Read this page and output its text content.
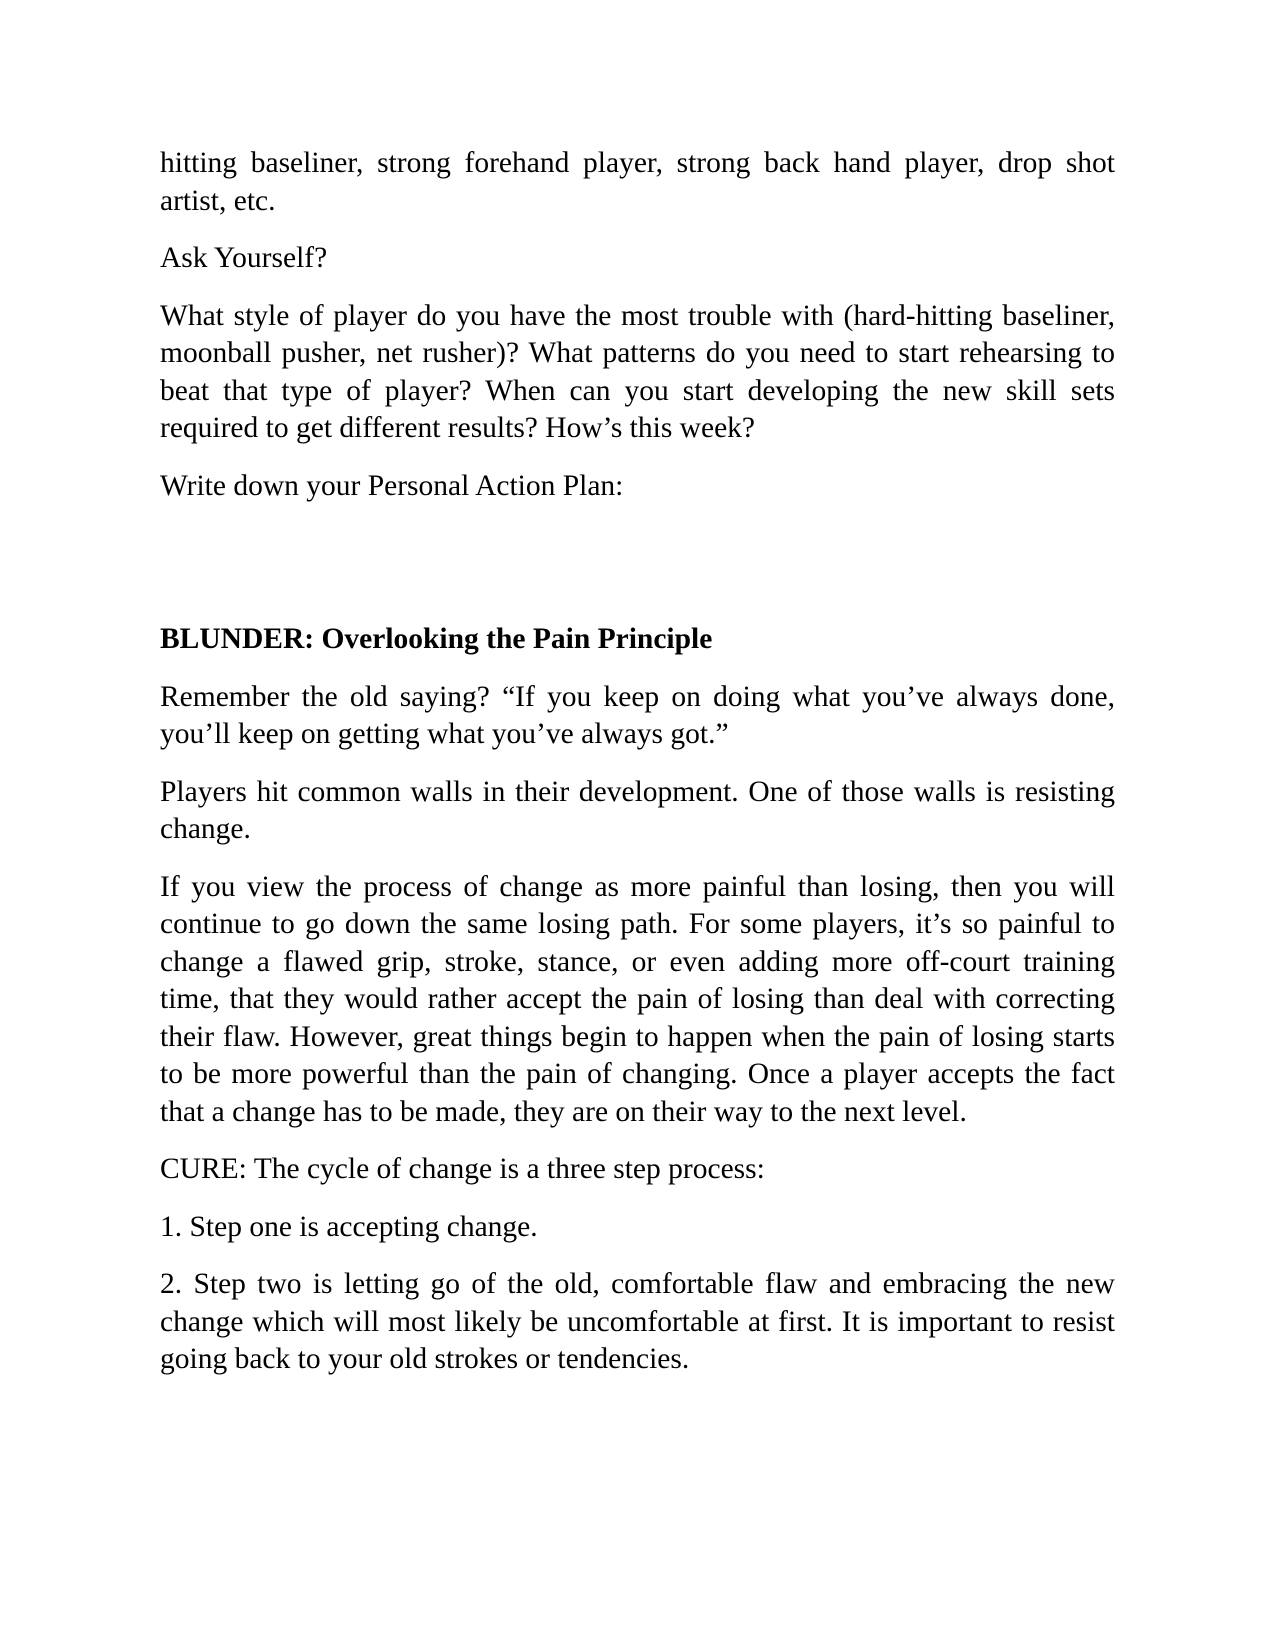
hitting baseliner, strong forehand player, strong back hand player, drop shot artist, etc.

Ask Yourself?

What style of player do you have the most trouble with (hard-hitting baseliner, moonball pusher, net rusher)? What patterns do you need to start rehearsing to beat that type of player? When can you start developing the new skill sets required to get different results? How’s this week?

Write down your Personal Action Plan:

BLUNDER: Overlooking the Pain Principle

Remember the old saying? “If you keep on doing what you’ve always done, you’ll keep on getting what you’ve always got.”

Players hit common walls in their development. One of those walls is resisting change.

If you view the process of change as more painful than losing, then you will continue to go down the same losing path. For some players, it’s so painful to change a flawed grip, stroke, stance, or even adding more off-court training time, that they would rather accept the pain of losing than deal with correcting their flaw. However, great things begin to happen when the pain of losing starts to be more powerful than the pain of changing. Once a player accepts the fact that a change has to be made, they are on their way to the next level.

CURE: The cycle of change is a three step process:

1. Step one is accepting change.

2. Step two is letting go of the old, comfortable flaw and embracing the new change which will most likely be uncomfortable at first. It is important to resist going back to your old strokes or tendencies.
